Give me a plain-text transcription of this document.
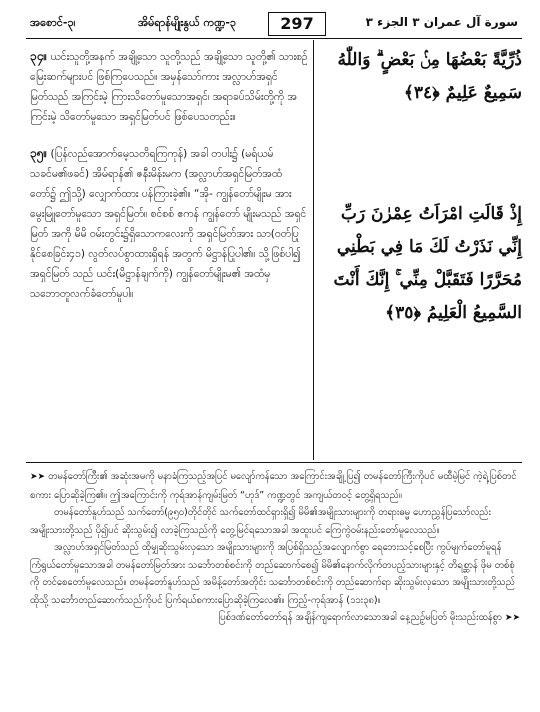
အစောင်-၃၊	အိမ်ရာန်မျိုးနွယ် ကဏ္ဍ-၃	297	سورة آل عمران ٣ الجزء ٣

၃၄။ ယင်းသူတို့အနက် အချို့သော သူတို့သည် အချို့သော သူတို့၏ သားစဉ် မြေးဆက်များပင် ဖြစ်ကြပေသည်။ အမှန်သော်ကား အလ္လာဟ်အရှင် မြတ်သည် အကြင်းမဲ့ ကြားသိတော်မူသောအရှင်၊ အရာခပ်သိမ်းတို့ကို အကြင်းမဲ့ သိတော်မူသော အရှင်မြတ်ပင် ဖြစ်ပေသတည်း။

၃၅။ (ပြန်လည်အောက်မေ့သတိရကြကုန်) အခါ တပါး၌ (မရ်ယမ်သခင်မ၏ဖခင်) အိမ်ရာန်၏ ဇနီးမိန်းမက (အလ္လာဟ်အရှင်မြတ်အထံတော်၌ ဤသို့) လျှောက်ထား ပန်ကြားခဲ့၏။ “အို- ကျွန်တော်မျိုးမ အား မွေးမြူတော်မူသော အရှင်မြတ်။ စင်စစ် ဧကန် ကျွန်တော် မျိုးမသည် အရှင်မြတ် အကို မိမိ ဝမ်းတွင်း၌ရှိသောကလေးကို အရှင်မြတ်အား သာ(ဝတ်ပြုနိုင်စေခြင်း၄၁) လွတ်လပ်စွာထားရှိရန် အတွက် မိဋ္ဌာန်ပြုပါ၏။ သို့ဖြစ်ပါ၍ အရှင်မြတ် သည် ယင်း(မိဋ္ဌာန်ချက်ကို) ကျွန်တော်မျိုးမ၏ အထံမှ သဘောတူလက်ခံတော်မူပါ။

ذُرِّيَّةً بَعْضُهَا مِنۢ بَعْضٍ ۗ وَاللّٰهُ سَمِيعٌ عَلِيمٌ ﴿٣٤﴾
إِذْ قَالَتِ امْرَاَتُ عِمْرٰنَ رَبِّ إِنِّي نَذَرْتُ لَكَ مَا فِي بَطْنِي مُحَرَّرًا فَتَقَبَّلْ مِنِّي ۚ إِنَّكَ أَنْتَ السَّمِيعُ الْعَلِيمُ ﴿٣٥﴾

➤➤ တမန်တော်ကြီး၏ အဆုံးအမကို မနာခံကြသည့်အပြင် မလျော်ကန်သော အကြောင်းအချို့ပြ၍ တမန်တော်ကြီးကိုပင် မထီမဲ့မြင် ကဲ့ရဲ့ပြစ်တင်စကား ပြောဆိုခဲ့ကြ၏။ ဤအကြောင်းကို ကုရ်အာန်ကျမ်းမြတ် “ဟုဒ်” ကဏ္ဍတွင် အကျယ်တဝင့် တွေ့ရှိရသည်။

တမန်တော်နူဟ်သည် သက်တော်(၉၅၀)တိုင်တိုင် သက်တော်ထင်ရှားရှိ၍ မိမိ၏အမျိုးသားများကို တရားဓမ္မ ဟောညွှန်ပြသော်လည်း အမျိုးသားတို့သည် ပို၍ပင် ဆိုးသွမ်း၍ လာခဲ့ကြသည်ကို တွေ့မြင်ရသောအခါ အထူးပင် ကြေကွဲဝမ်းနည်းတော်မူလေသည်။

အလ္လာဟ်အရှင်မြတ်သည် ထိုမျှဆိုးသွမ်းလှသော အမျိုးသားများကို အပြစ်ရှိသည့်အလျောက်စွာ ရေဘေးသင့်စေပြီး ကွပ်မျက်တော်မူရန် ကြံရွယ်တော်မူသောအခါ တမန်တော်မြတ်အား သင်္ဘောတစ်စင်းကို တည်ဆောက်စေ၍ မိမိ၏နောက်လိုက်တပည့်သားများနှင့် တိရစ္ဆာန် ဖိုမ တစ်စုံကို တင်စေတော်မူလေသည်။ တမန်တော်နူဟ်သည် အမိန့်တော်အတိုင်း သင်္ဘောတစ်စင်းကို တည်ဆောက်ရာ ဆိုးသွမ်းလှသော အမျိုးသားတို့သည် ထိုသို့ သင်္ဘောတည်ဆောက်သည်ကိုပင် ပြက်ရယ်စကားပြောဆိုခဲ့ကြလေ၏။ ကြည့်-ကုရ်အာန် (၁၁း၃၈)။

ပြစ်ဒဏ်တော်တော်ရန် အချိန်ကျရောက်လာသောအခါ နေ့ညဉ့်မပြတ် မိုးသည်းထန်စွာ ➤➤
